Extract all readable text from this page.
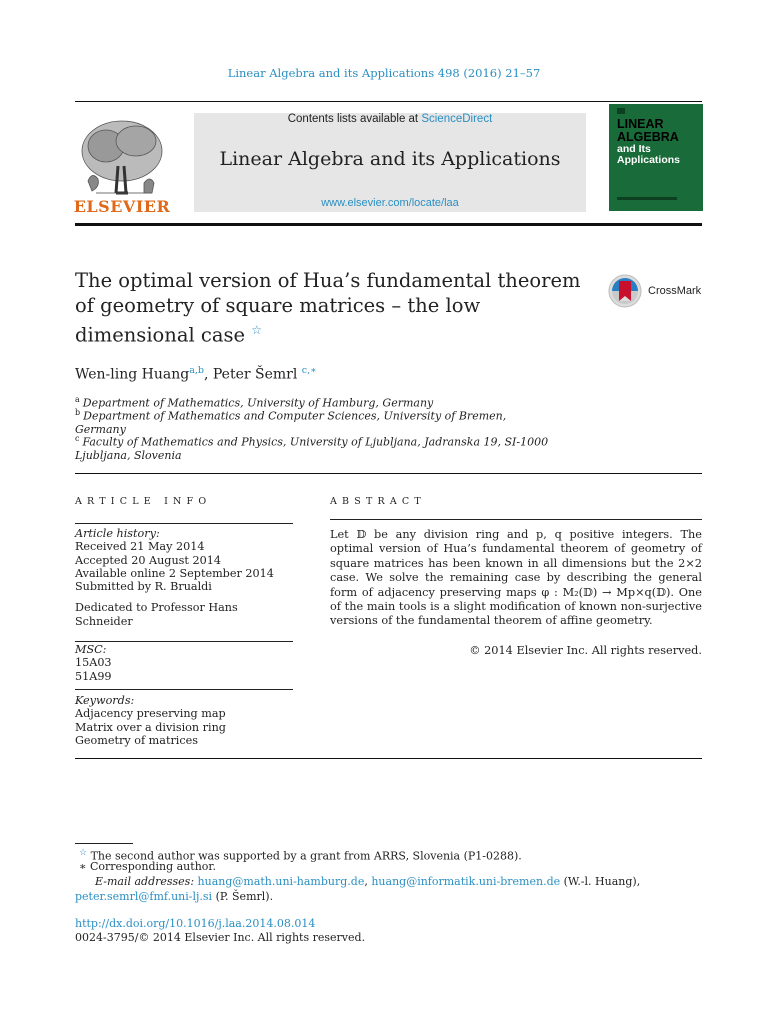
Linear Algebra and its Applications 498 (2016) 21–57
ELSEVIER
Contents lists available at ScienceDirect
Linear Algebra and its Applications
www.elsevier.com/locate/laa
LINEAR
ALGEBRA
and Its
Applications
The optimal version of Hua’s fundamental theorem of geometry of square matrices – the low dimensional case ☆
CrossMark
Wen-ling Huang$^{a,b}$, Peter Šemrl $^{c,∗}$
$^a$ Department of Mathematics, University of Hamburg, Germany
$^b$ Department of Mathematics and Computer Sciences, University of Bremen, Germany
$^c$ Faculty of Mathematics and Physics, University of Ljubljana, Jadranska 19, SI-1000 Ljubljana, Slovenia
ARTICLE INFO
Article history:
Received 21 May 2014
Accepted 20 August 2014
Available online 2 September 2014
Submitted by R. Brualdi
Dedicated to Professor Hans Schneider
MSC:
15A03
51A99
Keywords:
Adjacency preserving map
Matrix over a division ring
Geometry of matrices
ABSTRACT
Let 𝔻 be any division ring and p, q positive integers. The optimal version of Hua’s fundamental theorem of geometry of square matrices has been known in all dimensions but the 2×2 case. We solve the remaining case by describing the general form of adjacency preserving maps φ : M₂(𝔻) → Mp×q(𝔻). One of the main tools is a slight modification of known non-surjective versions of the fundamental theorem of affine geometry.
© 2014 Elsevier Inc. All rights reserved.
☆ The second author was supported by a grant from ARRS, Slovenia (P1-0288).
∗ Corresponding author.
E-mail addresses: huang@math.uni-hamburg.de, huang@informatik.uni-bremen.de (W.-l. Huang),
peter.semrl@fmf.uni-lj.si (P. Šemrl).
http://dx.doi.org/10.1016/j.laa.2014.08.014
0024-3795/© 2014 Elsevier Inc. All rights reserved.
